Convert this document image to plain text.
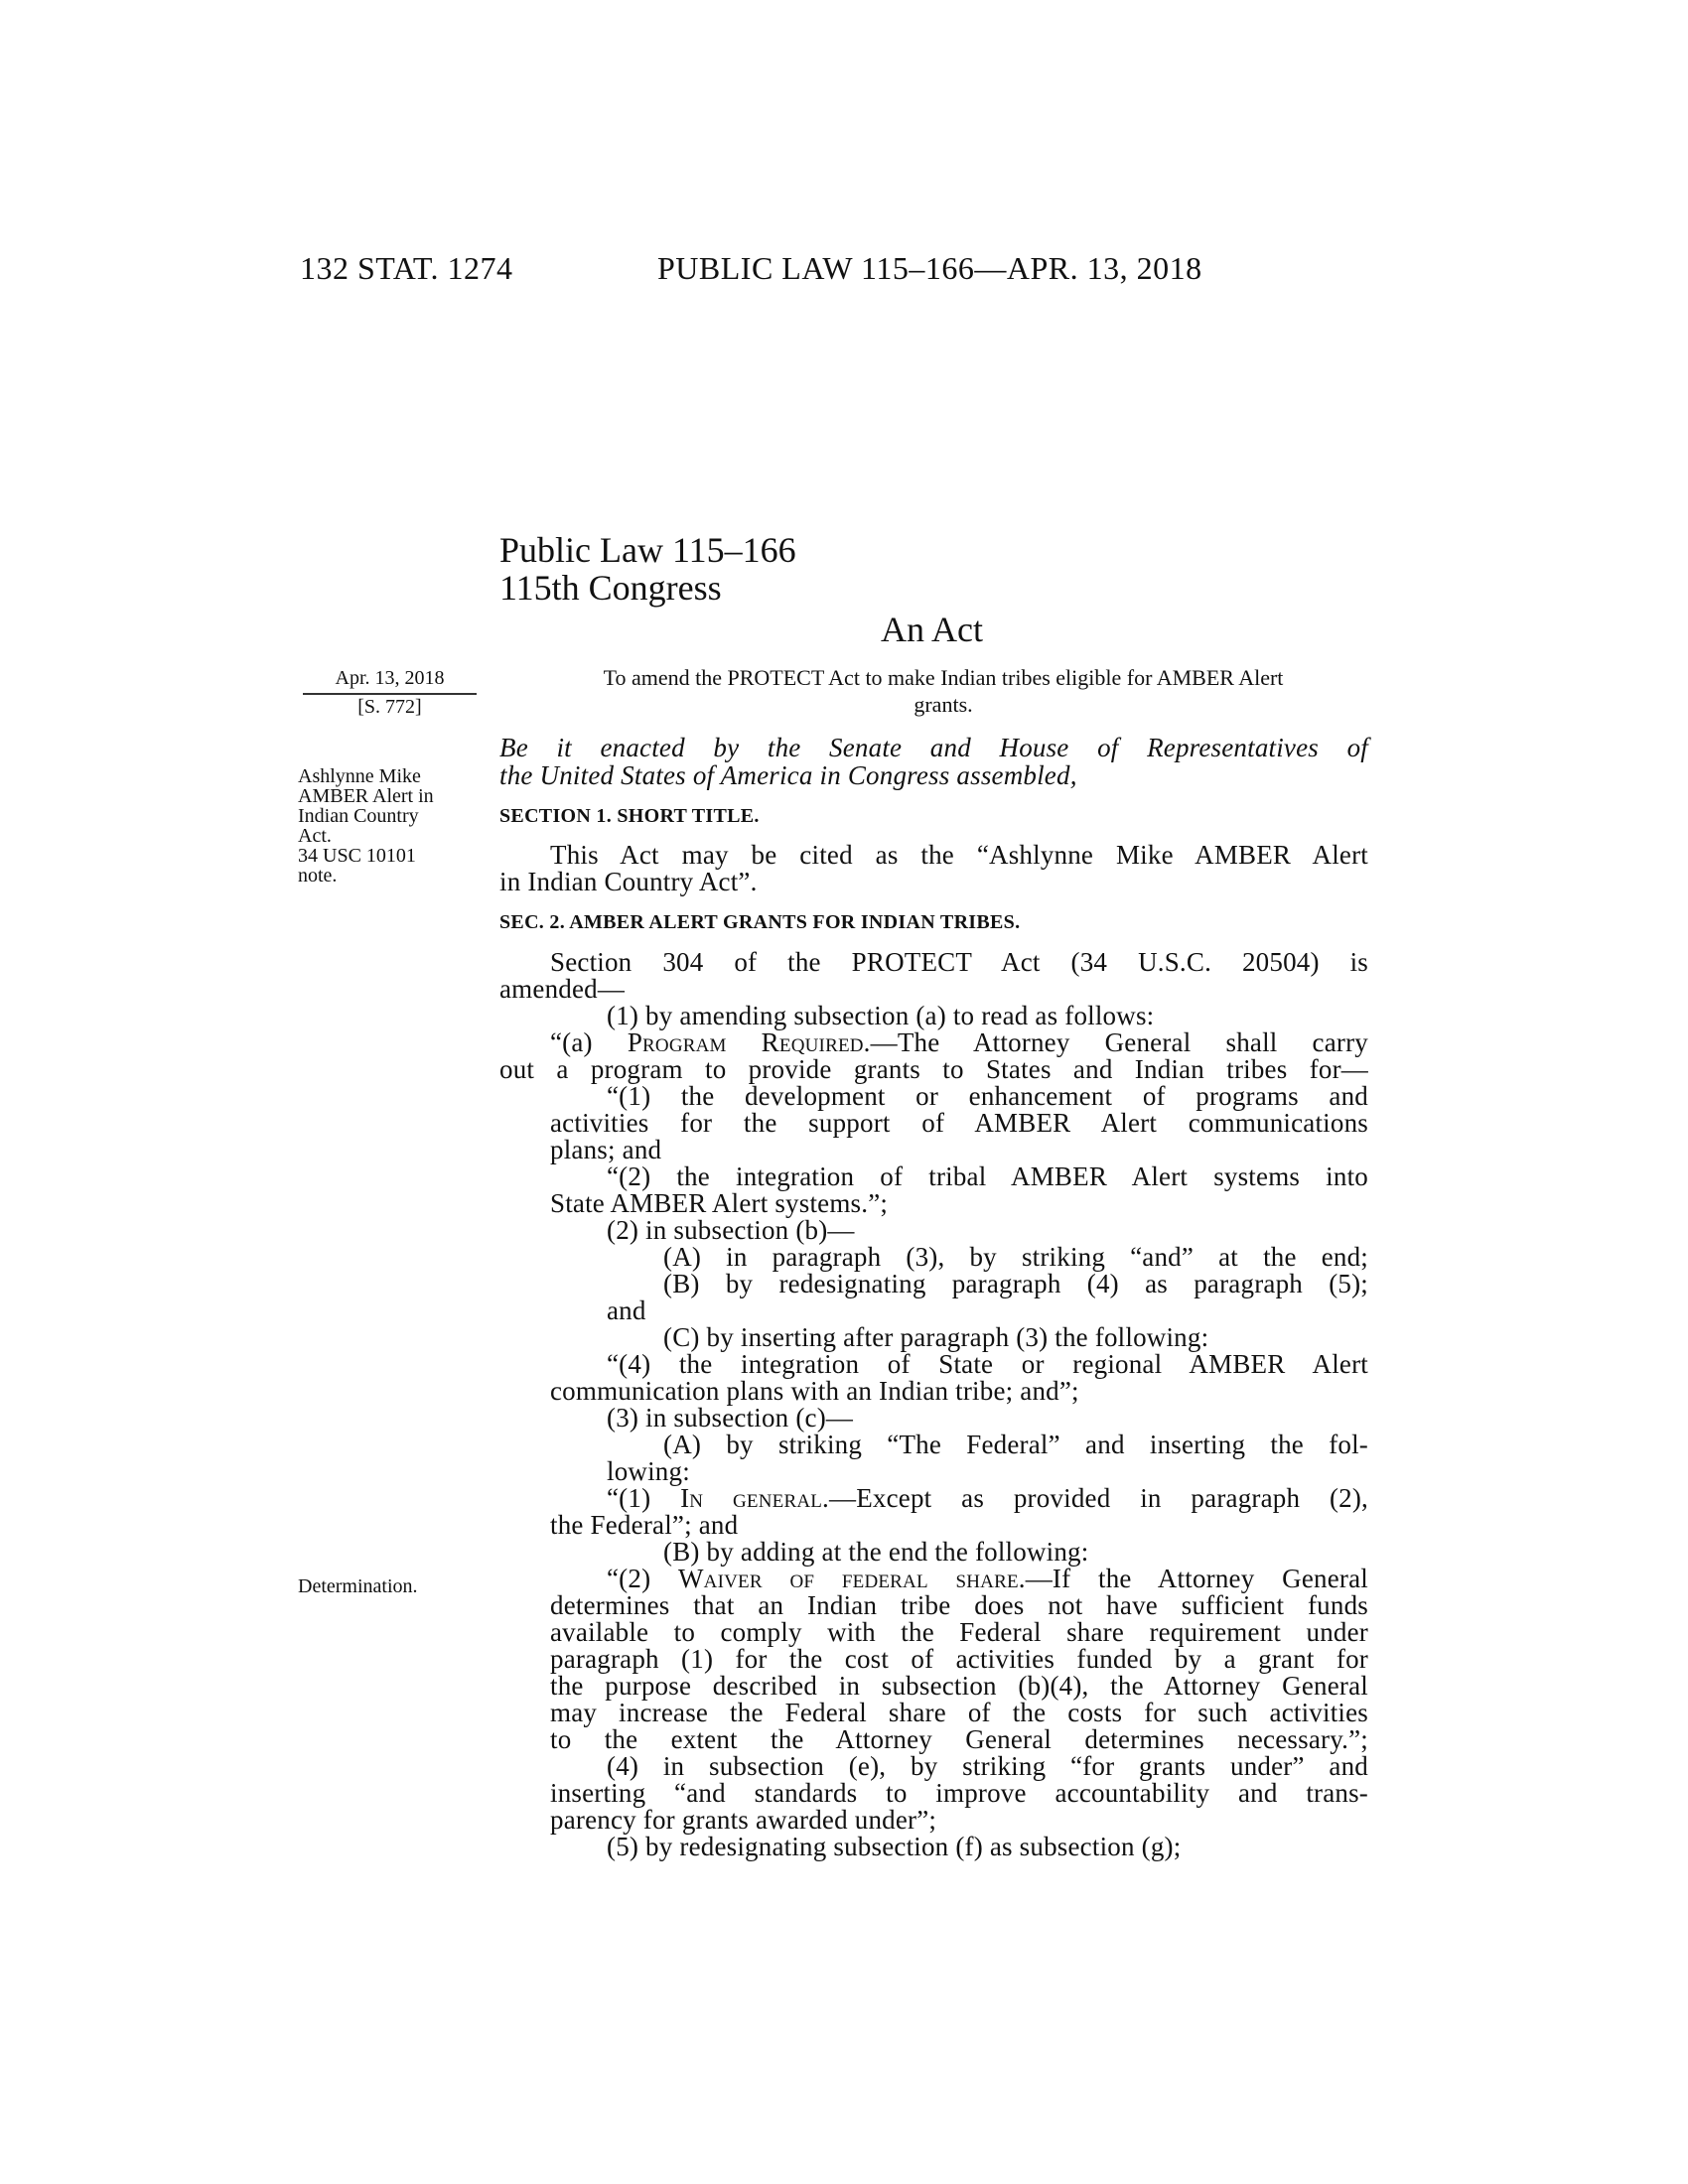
132 STAT. 1274	PUBLIC LAW 115–166—APR. 13, 2018
Public Law 115–166
115th Congress
An Act
To amend the PROTECT Act to make Indian tribes eligible for AMBER Alert
grants.
Apr. 13, 2018
[S. 772]
Ashlynne Mike
AMBER Alert in
Indian Country
Act.
34 USC 10101
note.
Determination.
Be it enacted by the Senate and House of Representatives of
the United States of America in Congress assembled,
SECTION 1. SHORT TITLE.
This Act may be cited as the “Ashlynne Mike AMBER Alert
in Indian Country Act”.
SEC. 2. AMBER ALERT GRANTS FOR INDIAN TRIBES.
Section 304 of the PROTECT Act (34 U.S.C. 20504) is
amended—
(1) by amending subsection (a) to read as follows:
“(a) Program Required.—The Attorney General shall carry
out a program to provide grants to States and Indian tribes for—
“(1) the development or enhancement of programs and
activities for the support of AMBER Alert communications
plans; and
“(2) the integration of tribal AMBER Alert systems into
State AMBER Alert systems.”;
(2) in subsection (b)—
(A) in paragraph (3), by striking “and” at the end;
(B) by redesignating paragraph (4) as paragraph (5);
and
(C) by inserting after paragraph (3) the following:
“(4) the integration of State or regional AMBER Alert
communication plans with an Indian tribe; and”;
(3) in subsection (c)—
(A) by striking “The Federal” and inserting the fol-
lowing:
“(1) In general.—Except as provided in paragraph (2),
the Federal”; and
(B) by adding at the end the following:
“(2) Waiver of federal share.—If the Attorney General
determines that an Indian tribe does not have sufficient funds
available to comply with the Federal share requirement under
paragraph (1) for the cost of activities funded by a grant for
the purpose described in subsection (b)(4), the Attorney General
may increase the Federal share of the costs for such activities
to the extent the Attorney General determines necessary.”;
(4) in subsection (e), by striking “for grants under” and
inserting “and standards to improve accountability and trans-
parency for grants awarded under”;
(5) by redesignating subsection (f) as subsection (g);
